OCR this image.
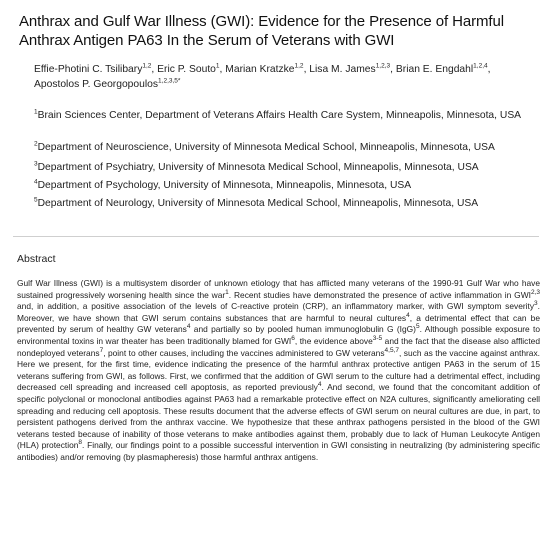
Anthrax and Gulf War Illness (GWI): Evidence for the Presence of Harmful Anthrax Antigen PA63 In the Serum of Veterans with GWI
Effie-Photini C. Tsilibary$^{1,2}$, Eric P. Souto$^1$, Marian Kratzke$^{1,2}$, Lisa M. James$^{1,2,3}$, Brian E. Engdahl$^{1,2,4}$,
Apostolos P. Georgopoulos$^{1,2,3,5*}$
$^1$Brain Sciences Center, Department of Veterans Affairs Health Care System, Minneapolis, Minnesota, USA
$^2$Department of Neuroscience, University of Minnesota Medical School, Minneapolis, Minnesota, USA
$^3$Department of Psychiatry, University of Minnesota Medical School, Minneapolis, Minnesota, USA
$^4$Department of Psychology, University of Minnesota, Minneapolis, Minnesota, USA
$^5$Department of Neurology, University of Minnesota Medical School, Minneapolis, Minnesota, USA
Abstract
Gulf War Illness (GWI) is a multisystem disorder of unknown etiology that has afflicted many veterans of the 1990-91 Gulf War who have sustained progressively worsening health since the war$^1$. Recent studies have demonstrated the presence of active inflammation in GWI$^{2,3}$ and, in addition, a positive association of the levels of C-reactive protein (CRP), an inflammatory marker, with GWI symptom severity$^3$. Moreover, we have shown that GWI serum contains substances that are harmful to neural cultures$^4$, a detrimental effect that can be prevented by serum of healthy GW veterans$^4$ and partially so by pooled human immunoglobulin G (IgG)$^5$. Although possible exposure to environmental toxins in war theater has been traditionally blamed for GWI$^6$, the evidence above$^{3-5}$ and the fact that the disease also afflicted nondeployed veterans$^7$, point to other causes, including the vaccines administered to GW veterans$^{4,5,7}$, such as the vaccine against anthrax. Here we present, for the first time, evidence indicating the presence of the harmful anthrax protective antigen PA63 in the serum of 15 veterans suffering from GWI, as follows. First, we confirmed that the addition of GWI serum to the culture had a detrimental effect, including decreased cell spreading and increased cell apoptosis, as reported previously$^4$. And second, we found that the concomitant addition of specific polyclonal or monoclonal antibodies against PA63 had a remarkable protective effect on N2A cultures, significantly ameliorating cell spreading and reducing cell apoptosis. These results document that the adverse effects of GWI serum on neural cultures are due, in part, to persistent pathogens derived from the anthrax vaccine. We hypothesize that these anthrax pathogens persisted in the blood of the GWI veterans tested because of inability of those veterans to make antibodies against them, probably due to lack of Human Leukocyte Antigen (HLA) protection$^8$. Finally, our findings point to a possible successful intervention in GWI consisting in neutralizing (by administering specific antibodies) and/or removing (by plasmapheresis) those harmful anthrax antigens.
